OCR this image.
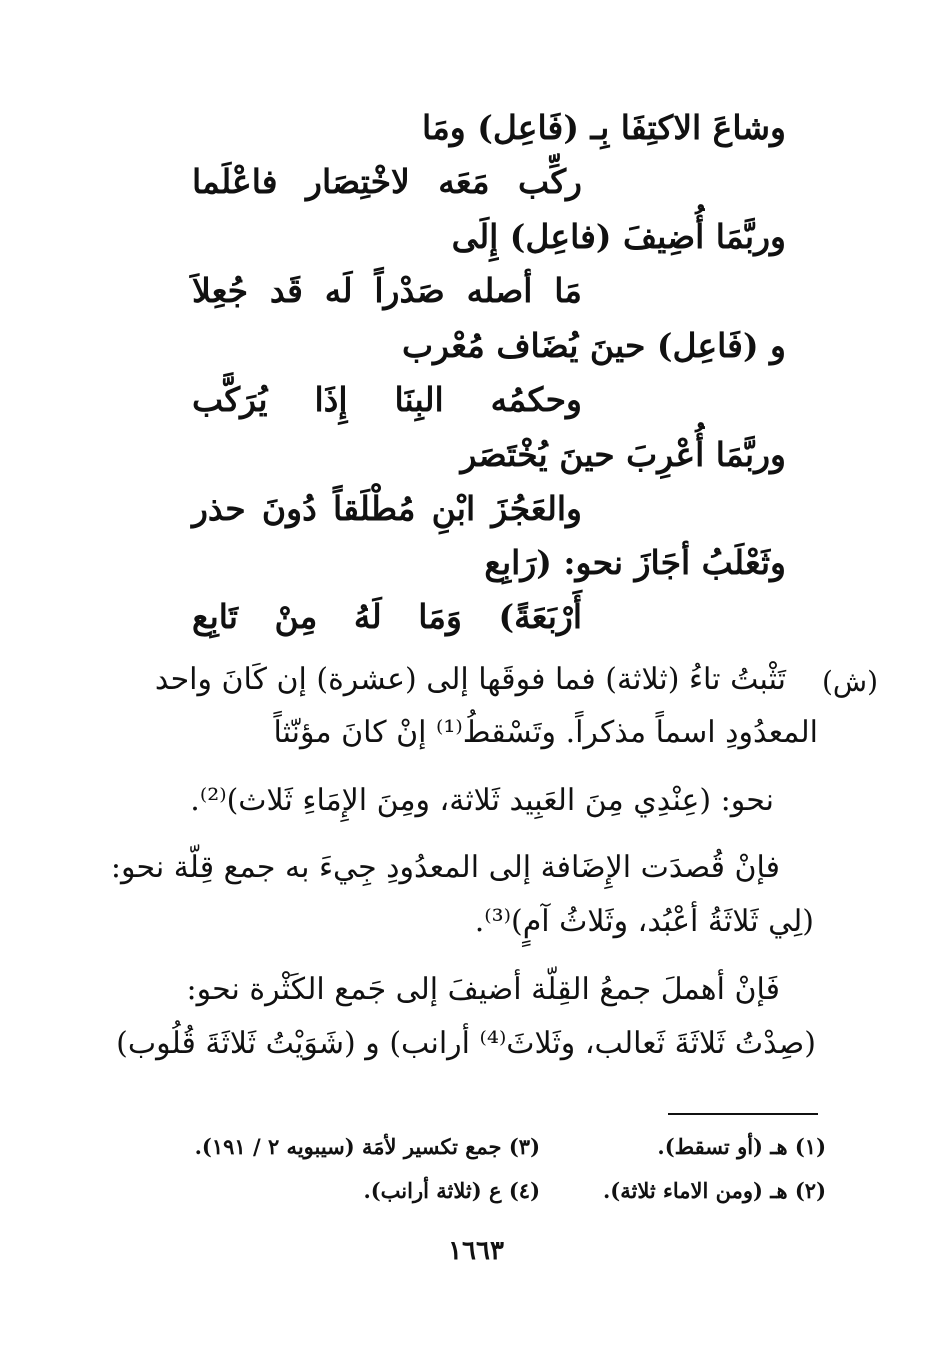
وشاعَ الاكتِفَا بِـ (فَاعِل) ومَا
ركِّب مَعَه لاخْتِصَار فاعْلَما
وربَّمَا أُضِيفَ (فاعِل) إِلَى
مَا أصله صَدْراً لَه قَد جُعِلاَ
و (فَاعِل) حينَ يُضَاف مُعْرب
وحكمُه البِنَا إِذَا يُرَكَّب
وربَّمَا أُعْرِبَ حينَ يُخْتَصَر
والعَجُزَ ابْنِ مُطْلَقاً دُونَ حذر
وثَعْلَبُ أجَازَ نحو: (رَابِع
أَرْبَعَةً) وَمَا لَهُ مِنْ تَابِع
(ش)
تَثْبتُ تاءُ (ثلاثة) فما فوقَها إلى (عشرة) إن كَانَ واحد
المعدُودِ اسماً مذكراً. وتَسْقطُ⁽¹⁾ إنْ كانَ مؤنّثاً
نحو: (عِنْدِي مِنَ العَبِيد ثَلاثة، ومِنَ الإِمَاءِ ثَلاث)⁽²⁾.
فإنْ قُصدَت الإِضَافة إلى المعدُودِ جِيءَ به جمع قِلّة نحو:
(لِي ثَلاثَةُ أعْبُد، وثَلاثُ آمٍ)⁽³⁾.
فَإنْ أهملَ جمعُ القِلّة أضيفَ إلى جَمع الكَثْرة نحو:
(صِدْتُ ثَلاثَةَ ثَعالب، وثَلاثَ⁽⁴⁾ أرانب) و (شَوَيْتُ ثَلاثَةَ قُلُوب)
(١) هـ (أو تسقط).
(٢) هـ (ومن الاماء ثلاثة).
(٣) جمع تكسير لأمَة (سيبويه ٢ / ١٩١).
(٤) ع (ثلاثة أرانب).
١٦٦٣
